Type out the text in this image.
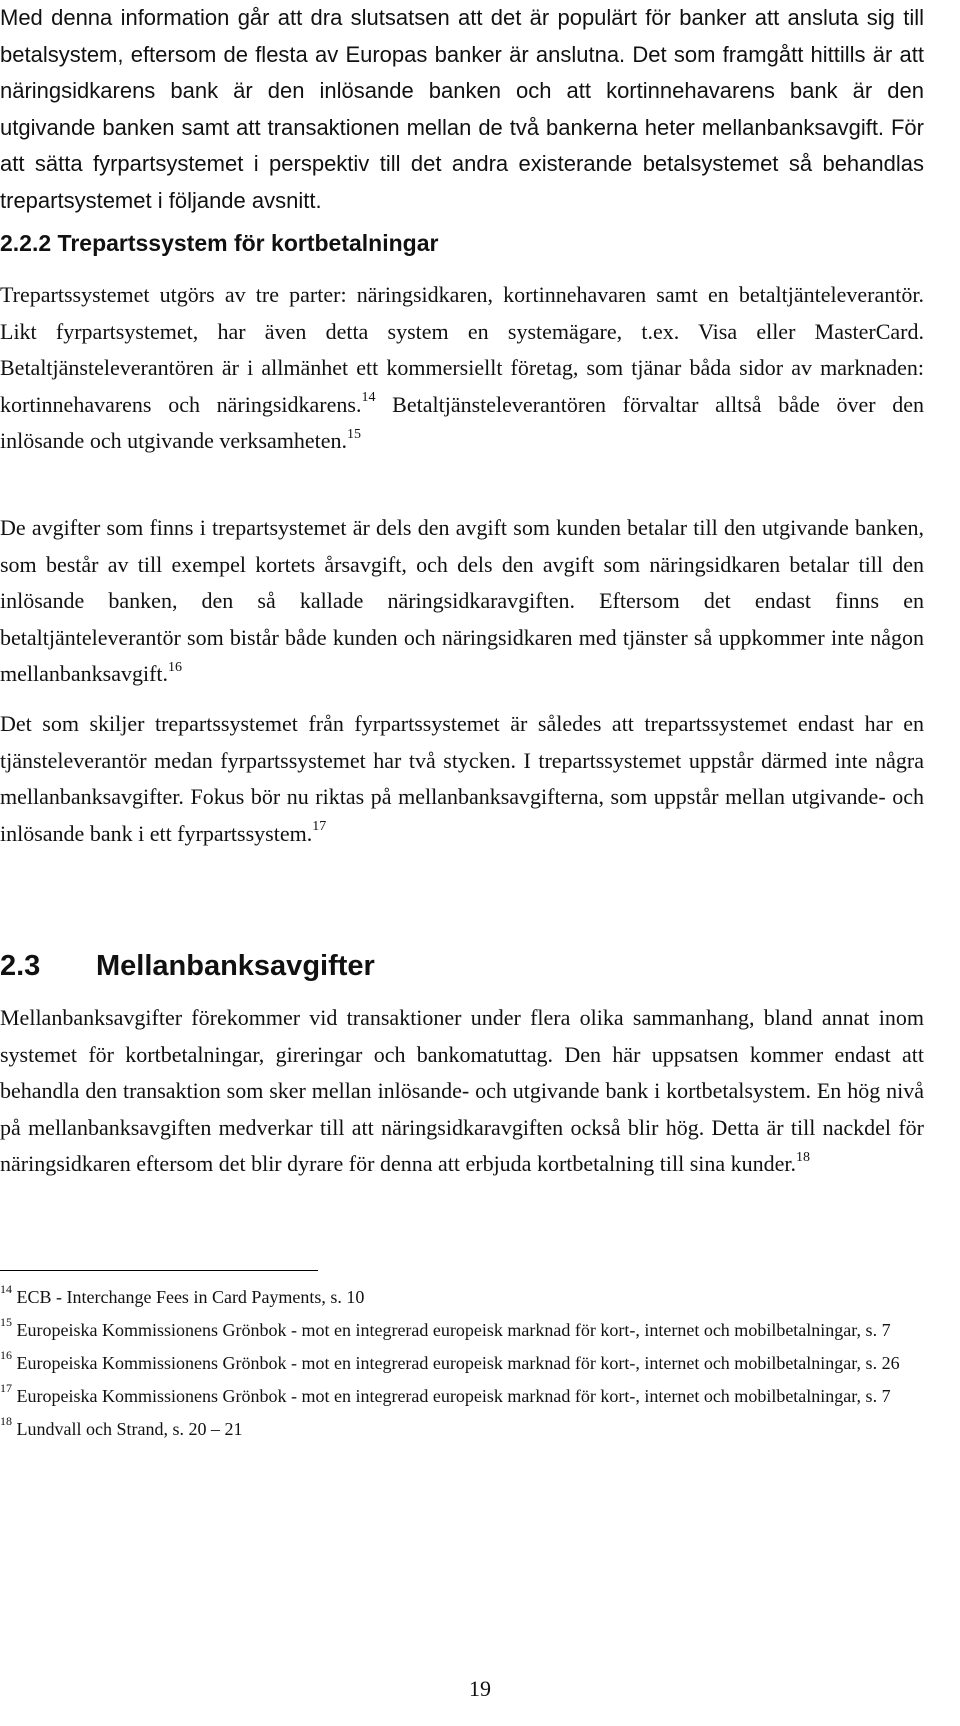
Med denna information går att dra slutsatsen att det är populärt för banker att ansluta sig till betalsystem, eftersom de flesta av Europas banker är anslutna. Det som framgått hittills är att näringsidkarens bank är den inlösande banken och att kortinnehavarens bank är den utgivande banken samt att transaktionen mellan de två bankerna heter mellanbanksavgift. För att sätta fyrpartsystemet i perspektiv till det andra existerande betalsystemet så behandlas trepartsystemet i följande avsnitt.

2.2.2 Trepartssystem för kortbetalningar

Trepartssystemet utgörs av tre parter: näringsidkaren, kortinnehavaren samt en betaltjänteleverantör. Likt fyrpartsystemet, har även detta system en systemägare, t.ex. Visa eller MasterCard. Betaltjänsteleverantören är i allmänhet ett kommersiellt företag, som tjänar båda sidor av marknaden: kortinnehavarens och näringsidkarens.$^{14}$ Betaltjänsteleverantören förvaltar alltså både över den inlösande och utgivande verksamheten.$^{15}$

De avgifter som finns i trepartsystemet är dels den avgift som kunden betalar till den utgivande banken, som består av till exempel kortets årsavgift, och dels den avgift som näringsidkaren betalar till den inlösande banken, den så kallade näringsidkaravgiften. Eftersom det endast finns en betaltjänteleverantör som bistår både kunden och näringsidkaren med tjänster så uppkommer inte någon mellanbanksavgift.$^{16}$

Det som skiljer trepartssystemet från fyrpartssystemet är således att trepartssystemet endast har en tjänsteleverantör medan fyrpartssystemet har två stycken. I trepartssystemet uppstår därmed inte några mellanbanksavgifter. Fokus bör nu riktas på mellanbanksavgifterna, som uppstår mellan utgivande- och inlösande bank i ett fyrpartssystem.$^{17}$

2.3 Mellanbanksavgifter

Mellanbanksavgifter förekommer vid transaktioner under flera olika sammanhang, bland annat inom systemet för kortbetalningar, gireringar och bankomatuttag. Den här uppsatsen kommer endast att behandla den transaktion som sker mellan inlösande- och utgivande bank i kortbetalsystem. En hög nivå på mellanbanksavgiften medverkar till att näringsidkaravgiften också blir hög. Detta är till nackdel för näringsidkaren eftersom det blir dyrare för denna att erbjuda kortbetalning till sina kunder.$^{18}$

19

$^{14}$ ECB - Interchange Fees in Card Payments, s. 10

$^{15}$ Europeiska Kommissionens Grönbok - mot en integrerad europeisk marknad för kort-, internet och mobilbetalningar, s. 7

$^{16}$ Europeiska Kommissionens Grönbok - mot en integrerad europeisk marknad för kort-, internet och mobilbetalningar, s. 26

$^{17}$ Europeiska Kommissionens Grönbok - mot en integrerad europeisk marknad för kort-, internet och mobilbetalningar, s. 7

$^{18}$ Lundvall och Strand, s. 20 – 21
